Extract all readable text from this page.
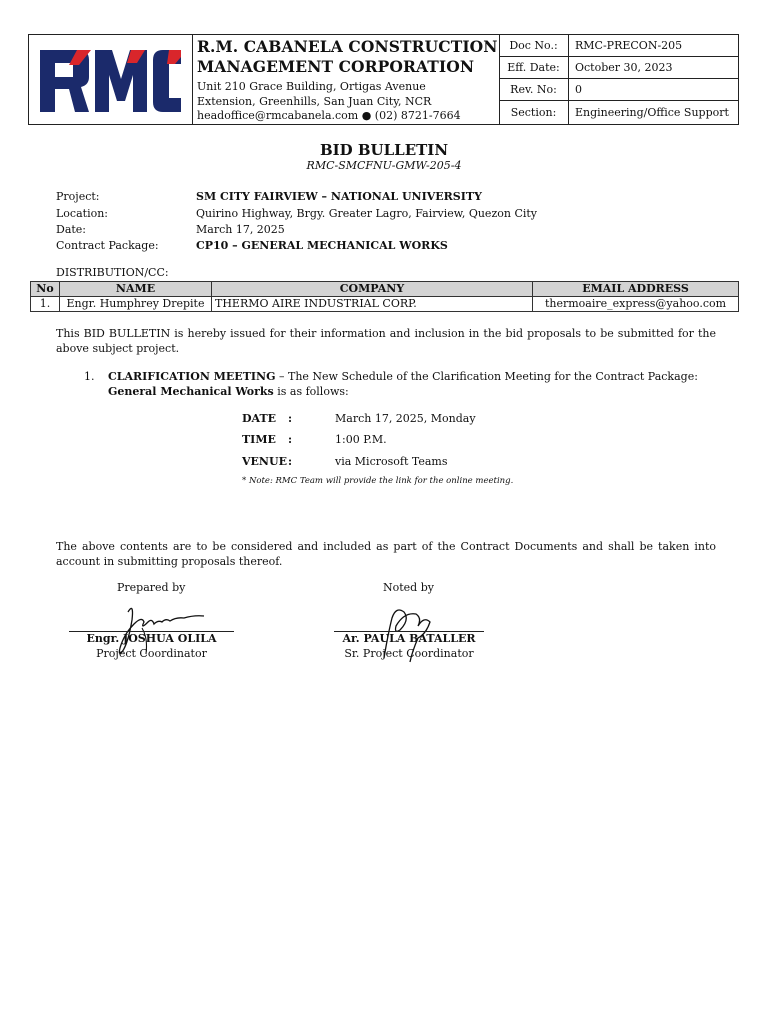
R.M. CABANELA CONSTRUCTION
MANAGEMENT CORPORATION
Unit 210 Grace Building, Ortigas Avenue
Extension, Greenhills, San Juan City, NCR
headoffice@rmcabanela.com ● (02) 8721-7664
Doc No.:	RMC-PRECON-205
Eff. Date:	October 30, 2023
Rev. No:	0
Section:	Engineering/Office Support
BID BULLETIN
RMC-SMCFNU-GMW-205-4
Project:	SM CITY FAIRVIEW – NATIONAL UNIVERSITY
Location:	Quirino Highway, Brgy. Greater Lagro, Fairview, Quezon City
Date:	March 17, 2025
Contract Package:	CP10 – GENERAL MECHANICAL WORKS
DISTRIBUTION/CC:
No	NAME	COMPANY	EMAIL ADDRESS
1.	Engr. Humphrey Drepite	THERMO AIRE INDUSTRIAL CORP.	thermoaire_express@yahoo.com
This BID BULLETIN is hereby issued for their information and inclusion in the bid proposals to be submitted for the above subject project.
1. CLARIFICATION MEETING – The New Schedule of the Clarification Meeting for the Contract Package:
General Mechanical Works is as follows:
DATE :	March 17, 2025, Monday
TIME :	1:00 P.M.
VENUE :	via Microsoft Teams
* Note: RMC Team will provide the link for the online meeting.
The above contents are to be considered and included as part of the Contract Documents and shall be taken into account in submitting proposals thereof.
Prepared by	Noted by
Engr. JOSHUA OLILA
Project Coordinator
Ar. PAULA BATALLER
Sr. Project Coordinator
